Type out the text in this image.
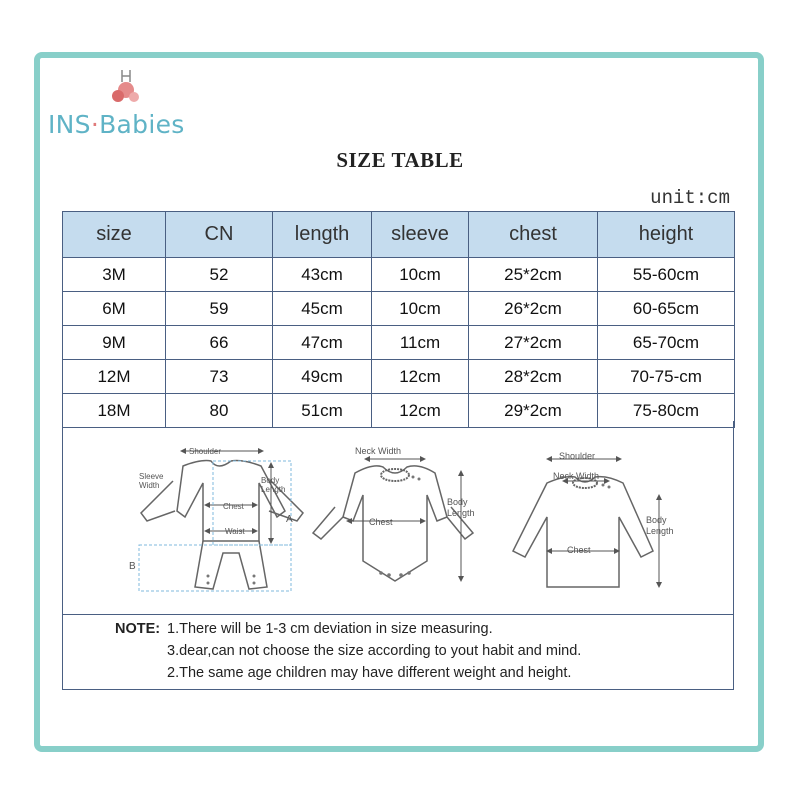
INS·Babies
SIZE TABLE
unit:cm
size	CN	length	sleeve	chest	height
3M	52	43cm	10cm	25*2cm	55-60cm
6M	59	45cm	10cm	26*2cm	60-65cm
9M	66	47cm	11cm	27*2cm	65-70cm
12M	73	49cm	12cm	28*2cm	70-75-cm
18M	80	51cm	12cm	29*2cm	75-80cm
Shoulder
Sleeve
Width
Chest
Waist
Body
Length
A
B
Neck Width
Chest
Body
Length
Shoulder
Neck Width
Chest
Body
Length
NOTE: 1.There will be 1-3 cm deviation in size measuring.
3.dear,can not choose the size according to yout habit and mind.
2.The same age children may have different weight and height.
